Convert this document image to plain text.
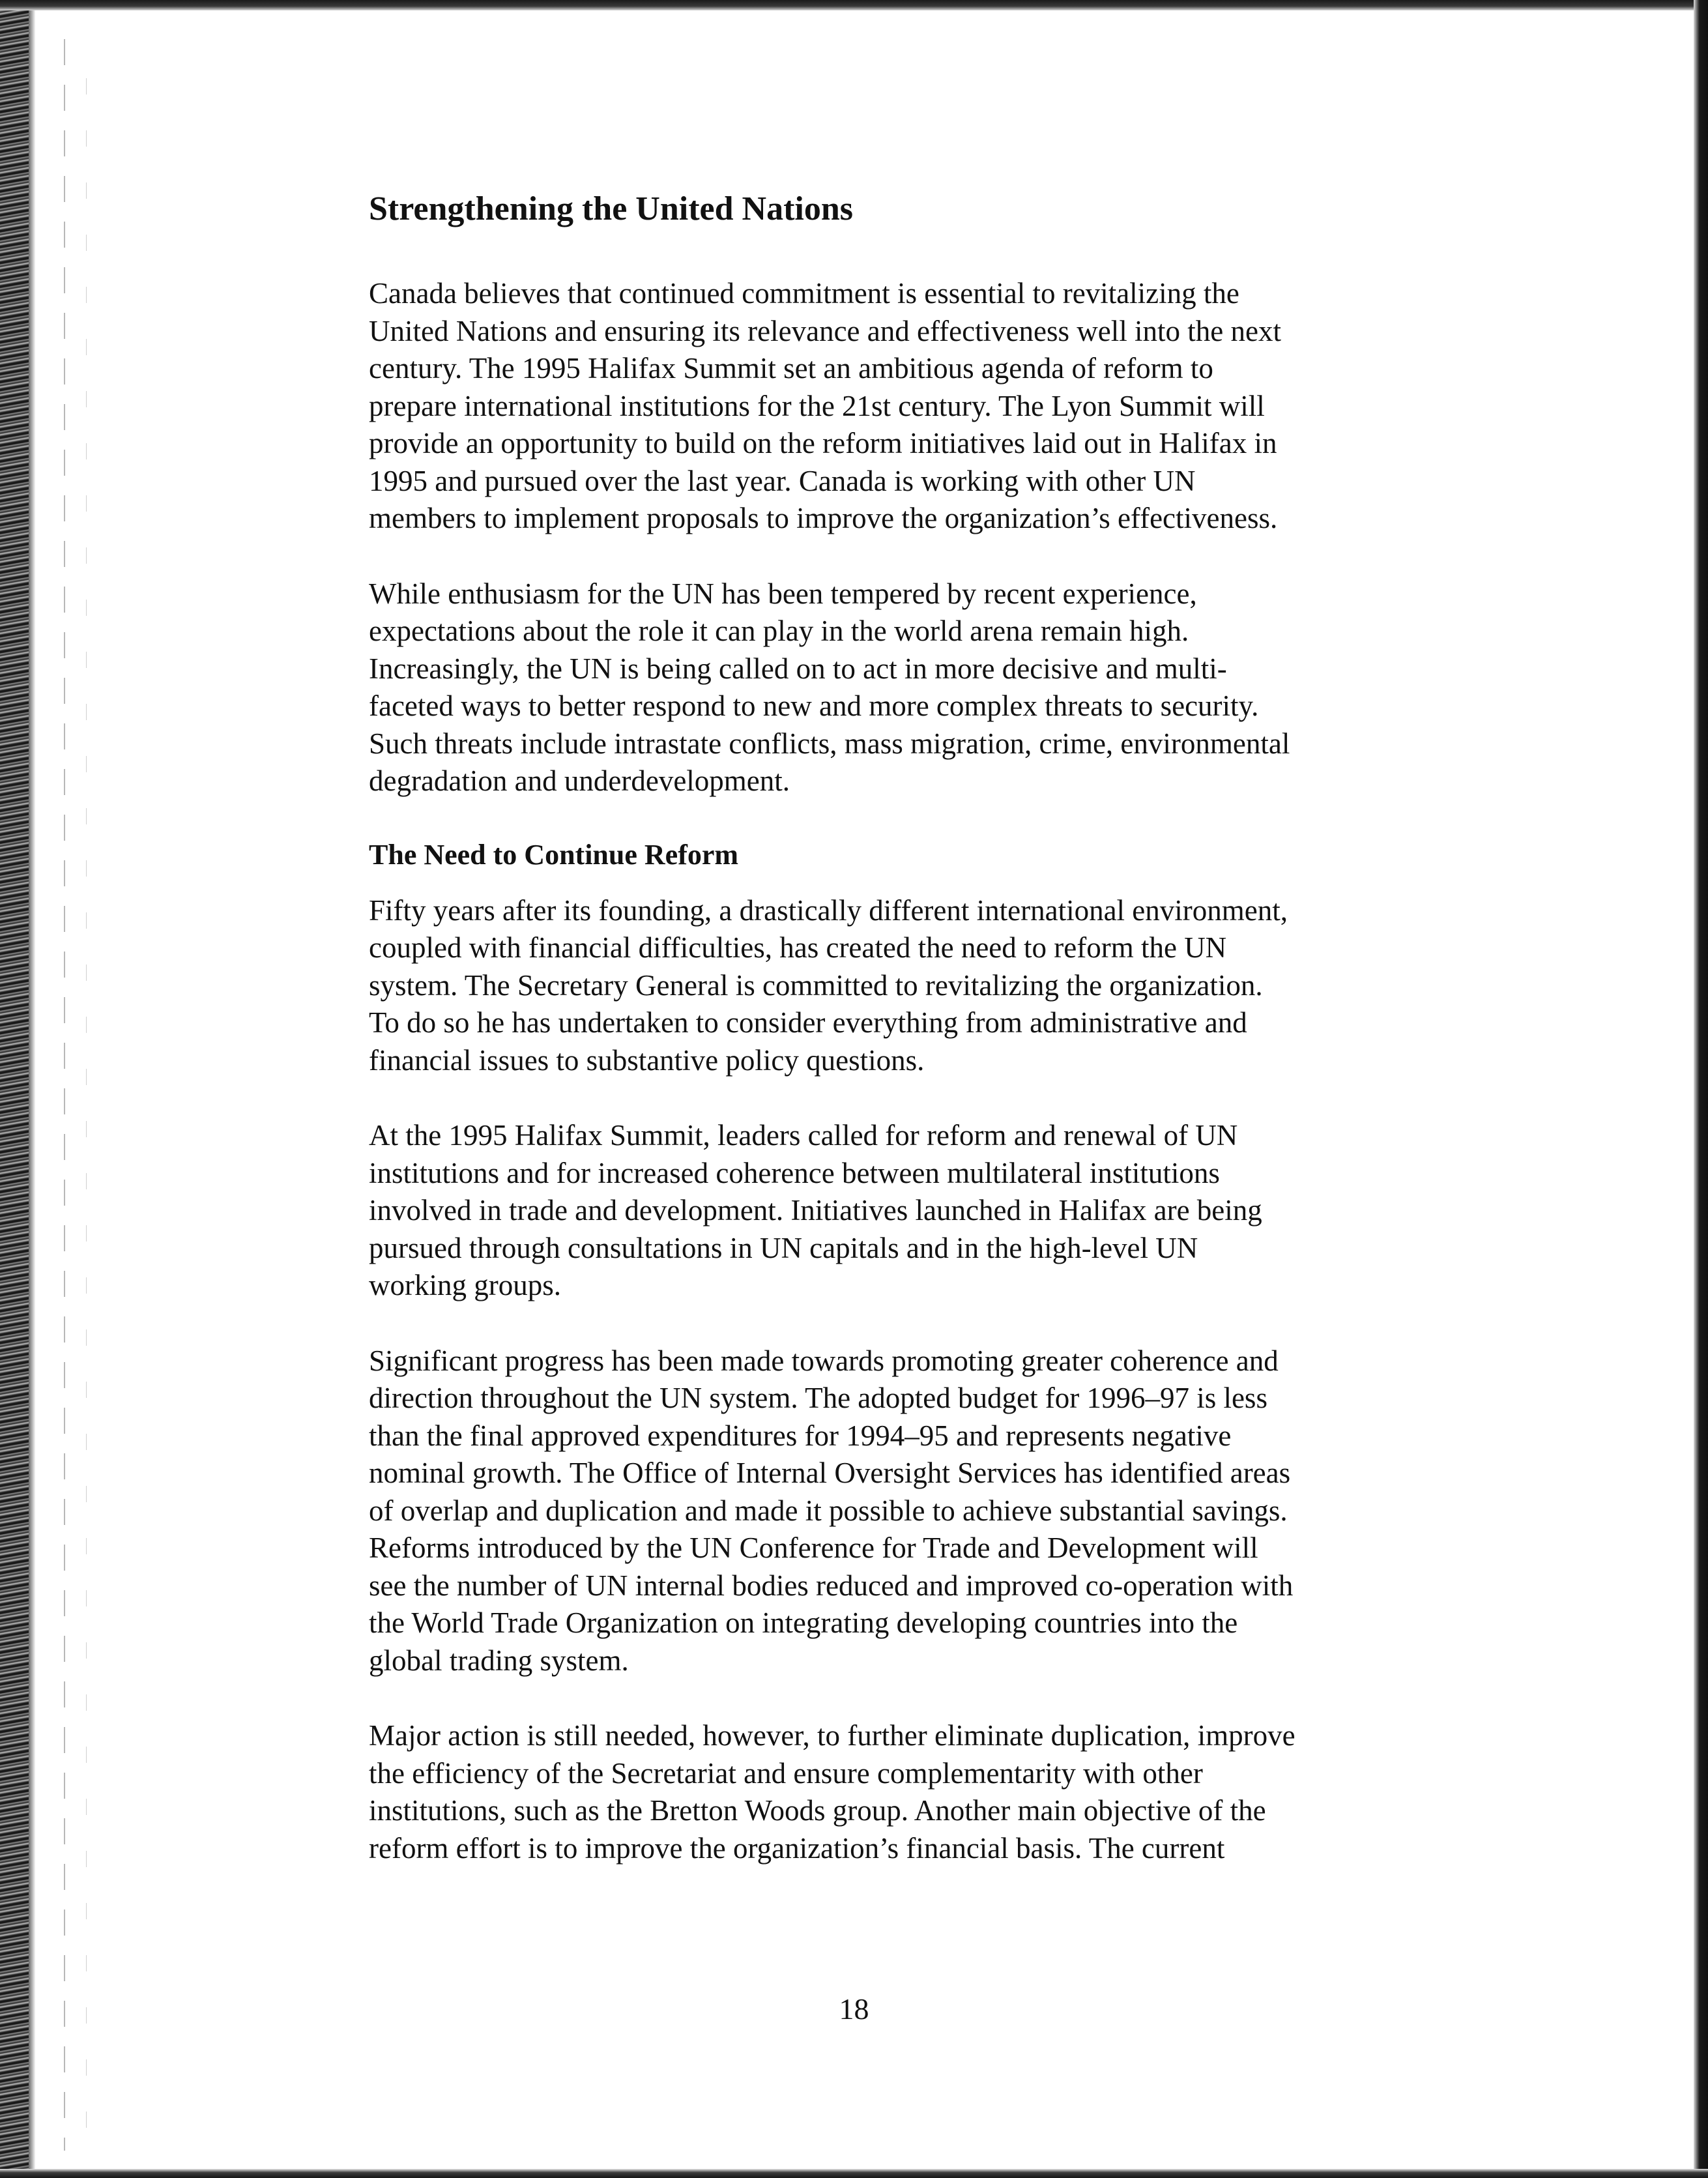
Strengthening the United Nations

Canada believes that continued commitment is essential to revitalizing the
United Nations and ensuring its relevance and effectiveness well into the next
century. The 1995 Halifax Summit set an ambitious agenda of reform to
prepare international institutions for the 21st century. The Lyon Summit will
provide an opportunity to build on the reform initiatives laid out in Halifax in
1995 and pursued over the last year. Canada is working with other UN
members to implement proposals to improve the organization’s effectiveness.

While enthusiasm for the UN has been tempered by recent experience,
expectations about the role it can play in the world arena remain high.
Increasingly, the UN is being called on to act in more decisive and multi-
faceted ways to better respond to new and more complex threats to security.
Such threats include intrastate conflicts, mass migration, crime, environmental
degradation and underdevelopment.

The Need to Continue Reform

Fifty years after its founding, a drastically different international environment,
coupled with financial difficulties, has created the need to reform the UN
system. The Secretary General is committed to revitalizing the organization.
To do so he has undertaken to consider everything from administrative and
financial issues to substantive policy questions.

At the 1995 Halifax Summit, leaders called for reform and renewal of UN
institutions and for increased coherence between multilateral institutions
involved in trade and development. Initiatives launched in Halifax are being
pursued through consultations in UN capitals and in the high-level UN
working groups.

Significant progress has been made towards promoting greater coherence and
direction throughout the UN system. The adopted budget for 1996–97 is less
than the final approved expenditures for 1994–95 and represents negative
nominal growth. The Office of Internal Oversight Services has identified areas
of overlap and duplication and made it possible to achieve substantial savings.
Reforms introduced by the UN Conference for Trade and Development will
see the number of UN internal bodies reduced and improved co-operation with
the World Trade Organization on integrating developing countries into the
global trading system.

Major action is still needed, however, to further eliminate duplication, improve
the efficiency of the Secretariat and ensure complementarity with other
institutions, such as the Bretton Woods group. Another main objective of the
reform effort is to improve the organization’s financial basis. The current

18
